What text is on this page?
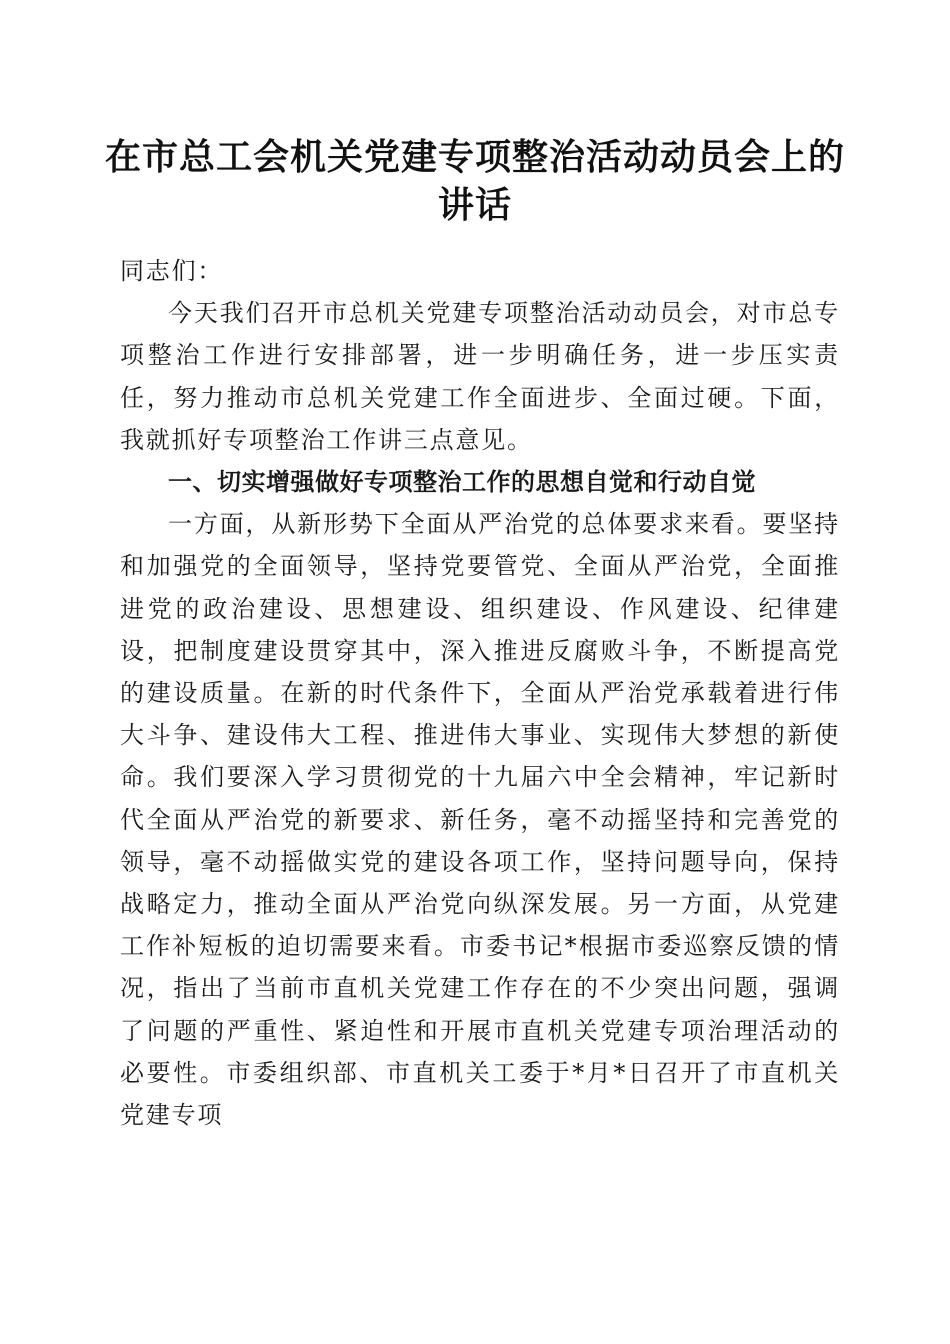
在市总工会机关党建专项整治活动动员会上的讲话

同志们：

今天我们召开市总机关党建专项整治活动动员会，对市总专项整治工作进行安排部署，进一步明确任务，进一步压实责任，努力推动市总机关党建工作全面进步、全面过硬。下面，我就抓好专项整治工作讲三点意见。

一、切实增强做好专项整治工作的思想自觉和行动自觉

一方面，从新形势下全面从严治党的总体要求来看。要坚持和加强党的全面领导，坚持党要管党、全面从严治党，全面推进党的政治建设、思想建设、组织建设、作风建设、纪律建设，把制度建设贯穿其中，深入推进反腐败斗争，不断提高党的建设质量。在新的时代条件下，全面从严治党承载着进行伟大斗争、建设伟大工程、推进伟大事业、实现伟大梦想的新使命。我们要深入学习贯彻党的十九届六中全会精神，牢记新时代全面从严治党的新要求、新任务，毫不动摇坚持和完善党的领导，毫不动摇做实党的建设各项工作，坚持问题导向，保持战略定力，推动全面从严治党向纵深发展。另一方面，从党建工作补短板的迫切需要来看。市委书记*根据市委巡察反馈的情况，指出了当前市直机关党建工作存在的不少突出问题，强调了问题的严重性、紧迫性和开展市直机关党建专项治理活动的必要性。市委组织部、市直机关工委于*月*日召开了市直机关党建专项
